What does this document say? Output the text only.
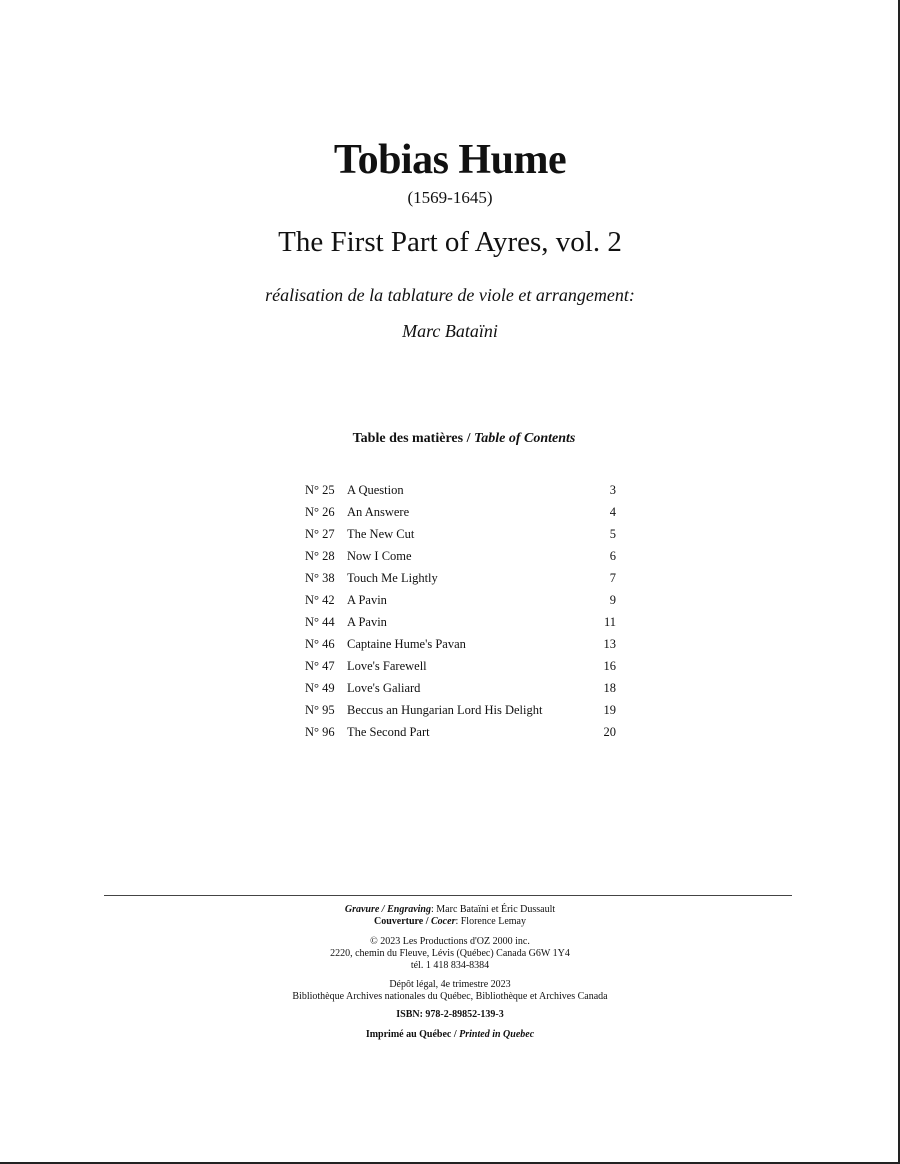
Tobias Hume
(1569-1645)
The First Part of Ayres, vol. 2
réalisation de la tablature de viole et arrangement:
Marc Bataïni
Table des matières / Table of Contents
N° 25 A Question	3
N° 26 An Answere	4
N° 27 The New Cut	5
N° 28 Now I Come	6
N° 38 Touch Me Lightly	7
N° 42 A Pavin	9
N° 44 A Pavin	11
N° 46 Captaine Hume's Pavan	13
N° 47 Love's Farewell	16
N° 49 Love's Galiard	18
N° 95 Beccus an Hungarian Lord His Delight	19
N° 96 The Second Part	20
Gravure / Engraving: Marc Bataïni et Éric Dussault
Couverture / Cocer: Florence Lemay
© 2023 Les Productions d'OZ 2000 inc.
2220, chemin du Fleuve, Lévis (Québec) Canada G6W 1Y4
tél. 1 418 834-8384
Dépôt légal, 4e trimestre 2023
Bibliothèque Archives nationales du Québec, Bibliothèque et Archives Canada
ISBN: 978-2-89852-139-3
Imprimé au Québec / Printed in Quebec
